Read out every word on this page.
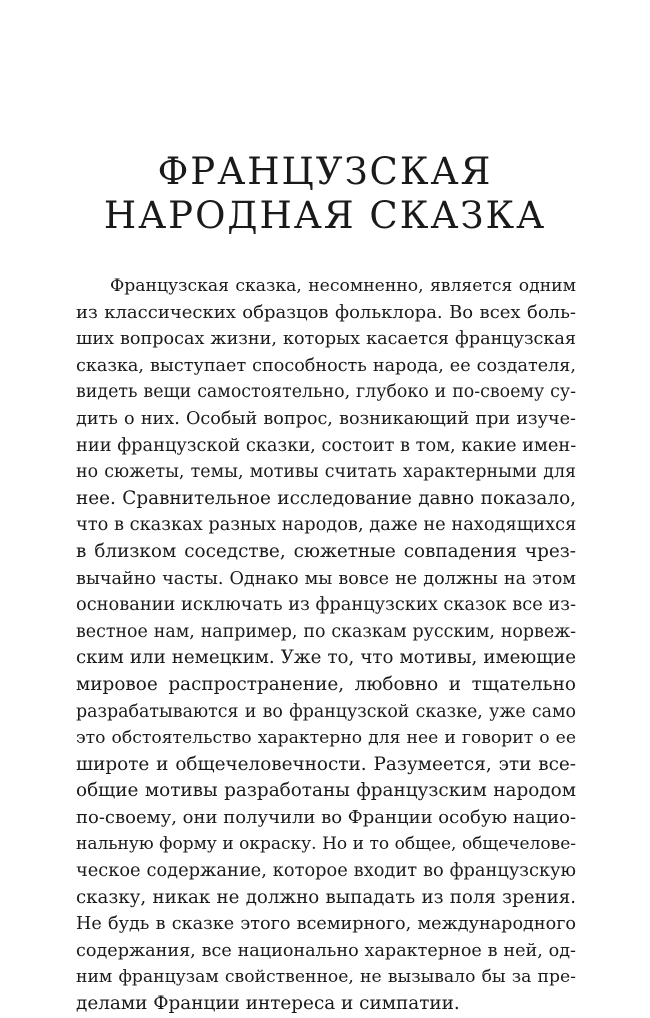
ФРАНЦУЗСКАЯ
НАРОДНАЯ СКАЗКА
Французская сказка, несомненно, является одним
из классических образцов фольклора. Во всех боль-
ших вопросах жизни, которых касается французская
сказка, выступает способность народа, ее создателя,
видеть вещи самостоятельно, глубоко и по-своему су-
дить о них. Особый вопрос, возникающий при изуче-
нии французской сказки, состоит в том, какие имен-
но сюжеты, темы, мотивы считать характерными для
нее. Сравнительное исследование давно показало,
что в сказках разных народов, даже не находящихся
в близком соседстве, сюжетные совпадения чрез-
вычайно часты. Однако мы вовсе не должны на этом
основании исключать из французских сказок все из-
вестное нам, например, по сказкам русским, норвеж-
ским или немецким. Уже то, что мотивы, имеющие
мировое распространение, любовно и тщательно
разрабатываются и во французской сказке, уже само
это обстоятельство характерно для нее и говорит о ее
широте и общечеловечности. Разумеется, эти все-
общие мотивы разработаны французским народом
по-своему, они получили во Франции особую нацио-
нальную форму и окраску. Но и то общее, общечелове-
ческое содержание, которое входит во французскую
сказку, никак не должно выпадать из поля зрения.
Не будь в сказке этого всемирного, международного
содержания, все национально характерное в ней, од-
ним французам свойственное, не вызывало бы за пре-
делами Франции интереса и симпатии.
